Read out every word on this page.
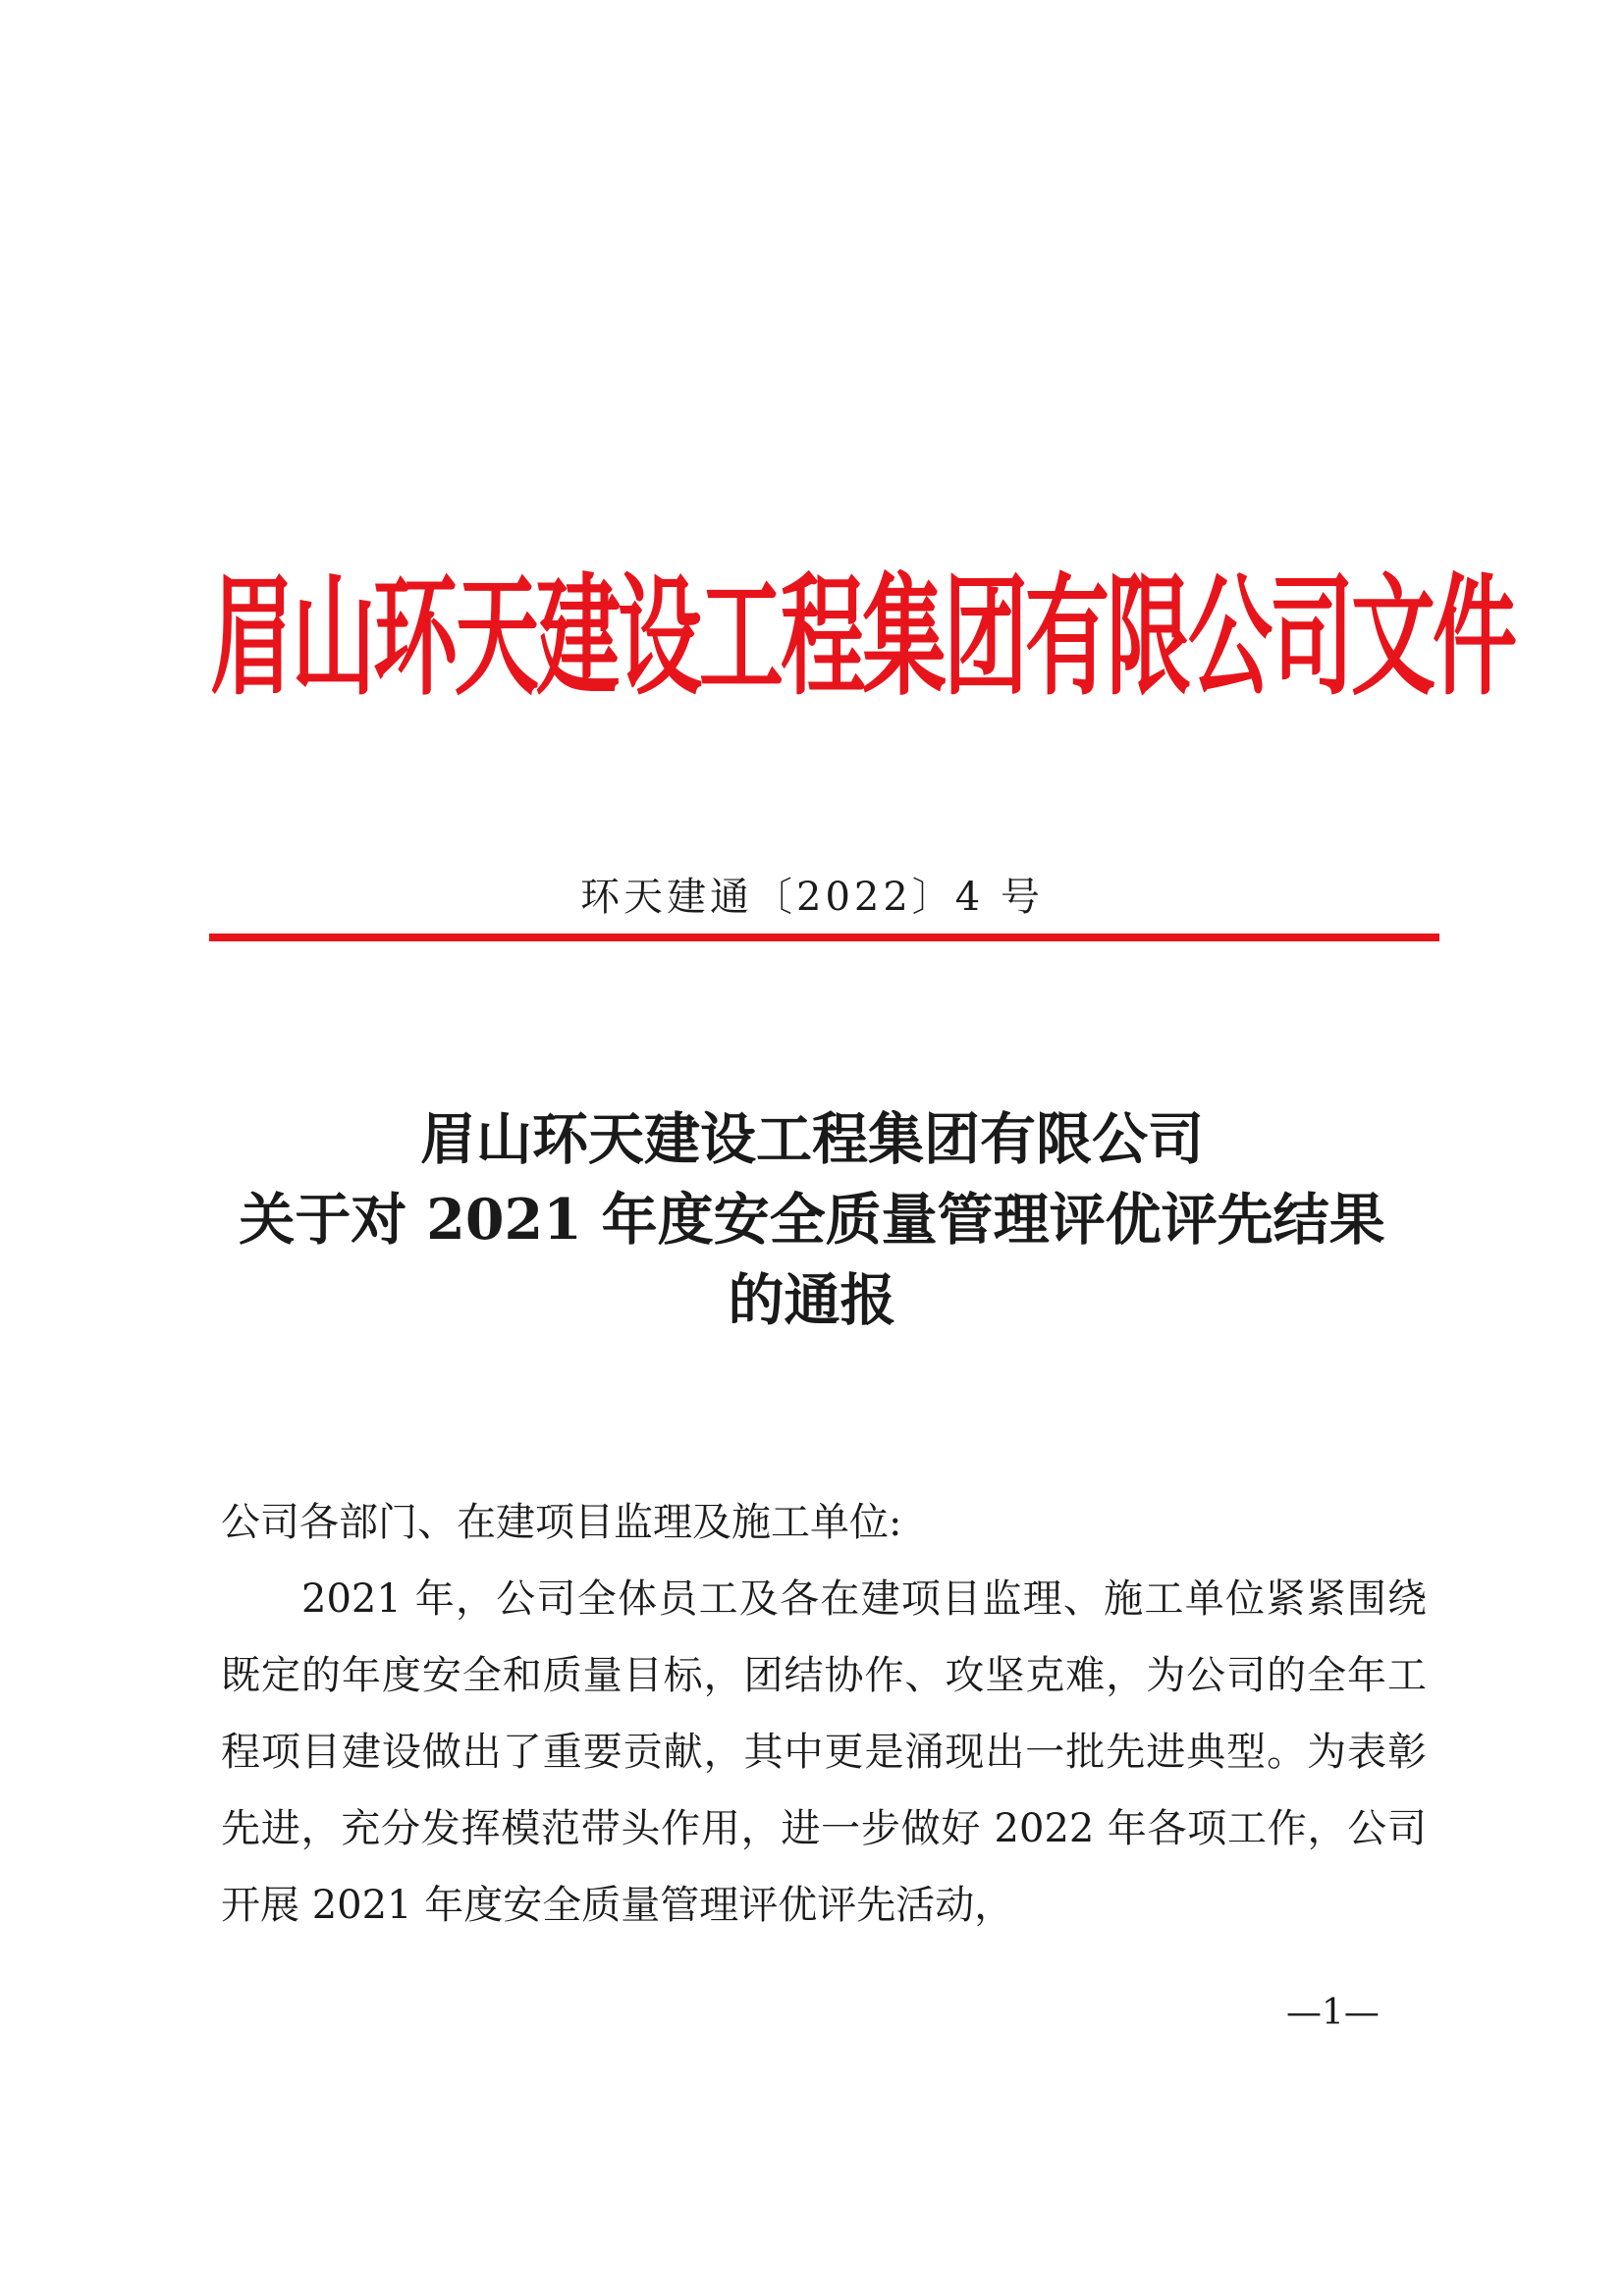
眉山环天建设工程集团有限公司文件
环天建通〔2022〕4 号
眉山环天建设工程集团有限公司
关于对 2021 年度安全质量管理评优评先结果
的通报
公司各部门、在建项目监理及施工单位:
2021 年，公司全体员工及各在建项目监理、施工单位紧紧围绕既定的年度安全和质量目标，团结协作、攻坚克难，为公司的全年工程项目建设做出了重要贡献，其中更是涌现出一批先进典型。为表彰先进，充分发挥模范带头作用，进一步做好 2022 年各项工作，公司开展 2021 年度安全质量管理评优评先活动，
—1—
